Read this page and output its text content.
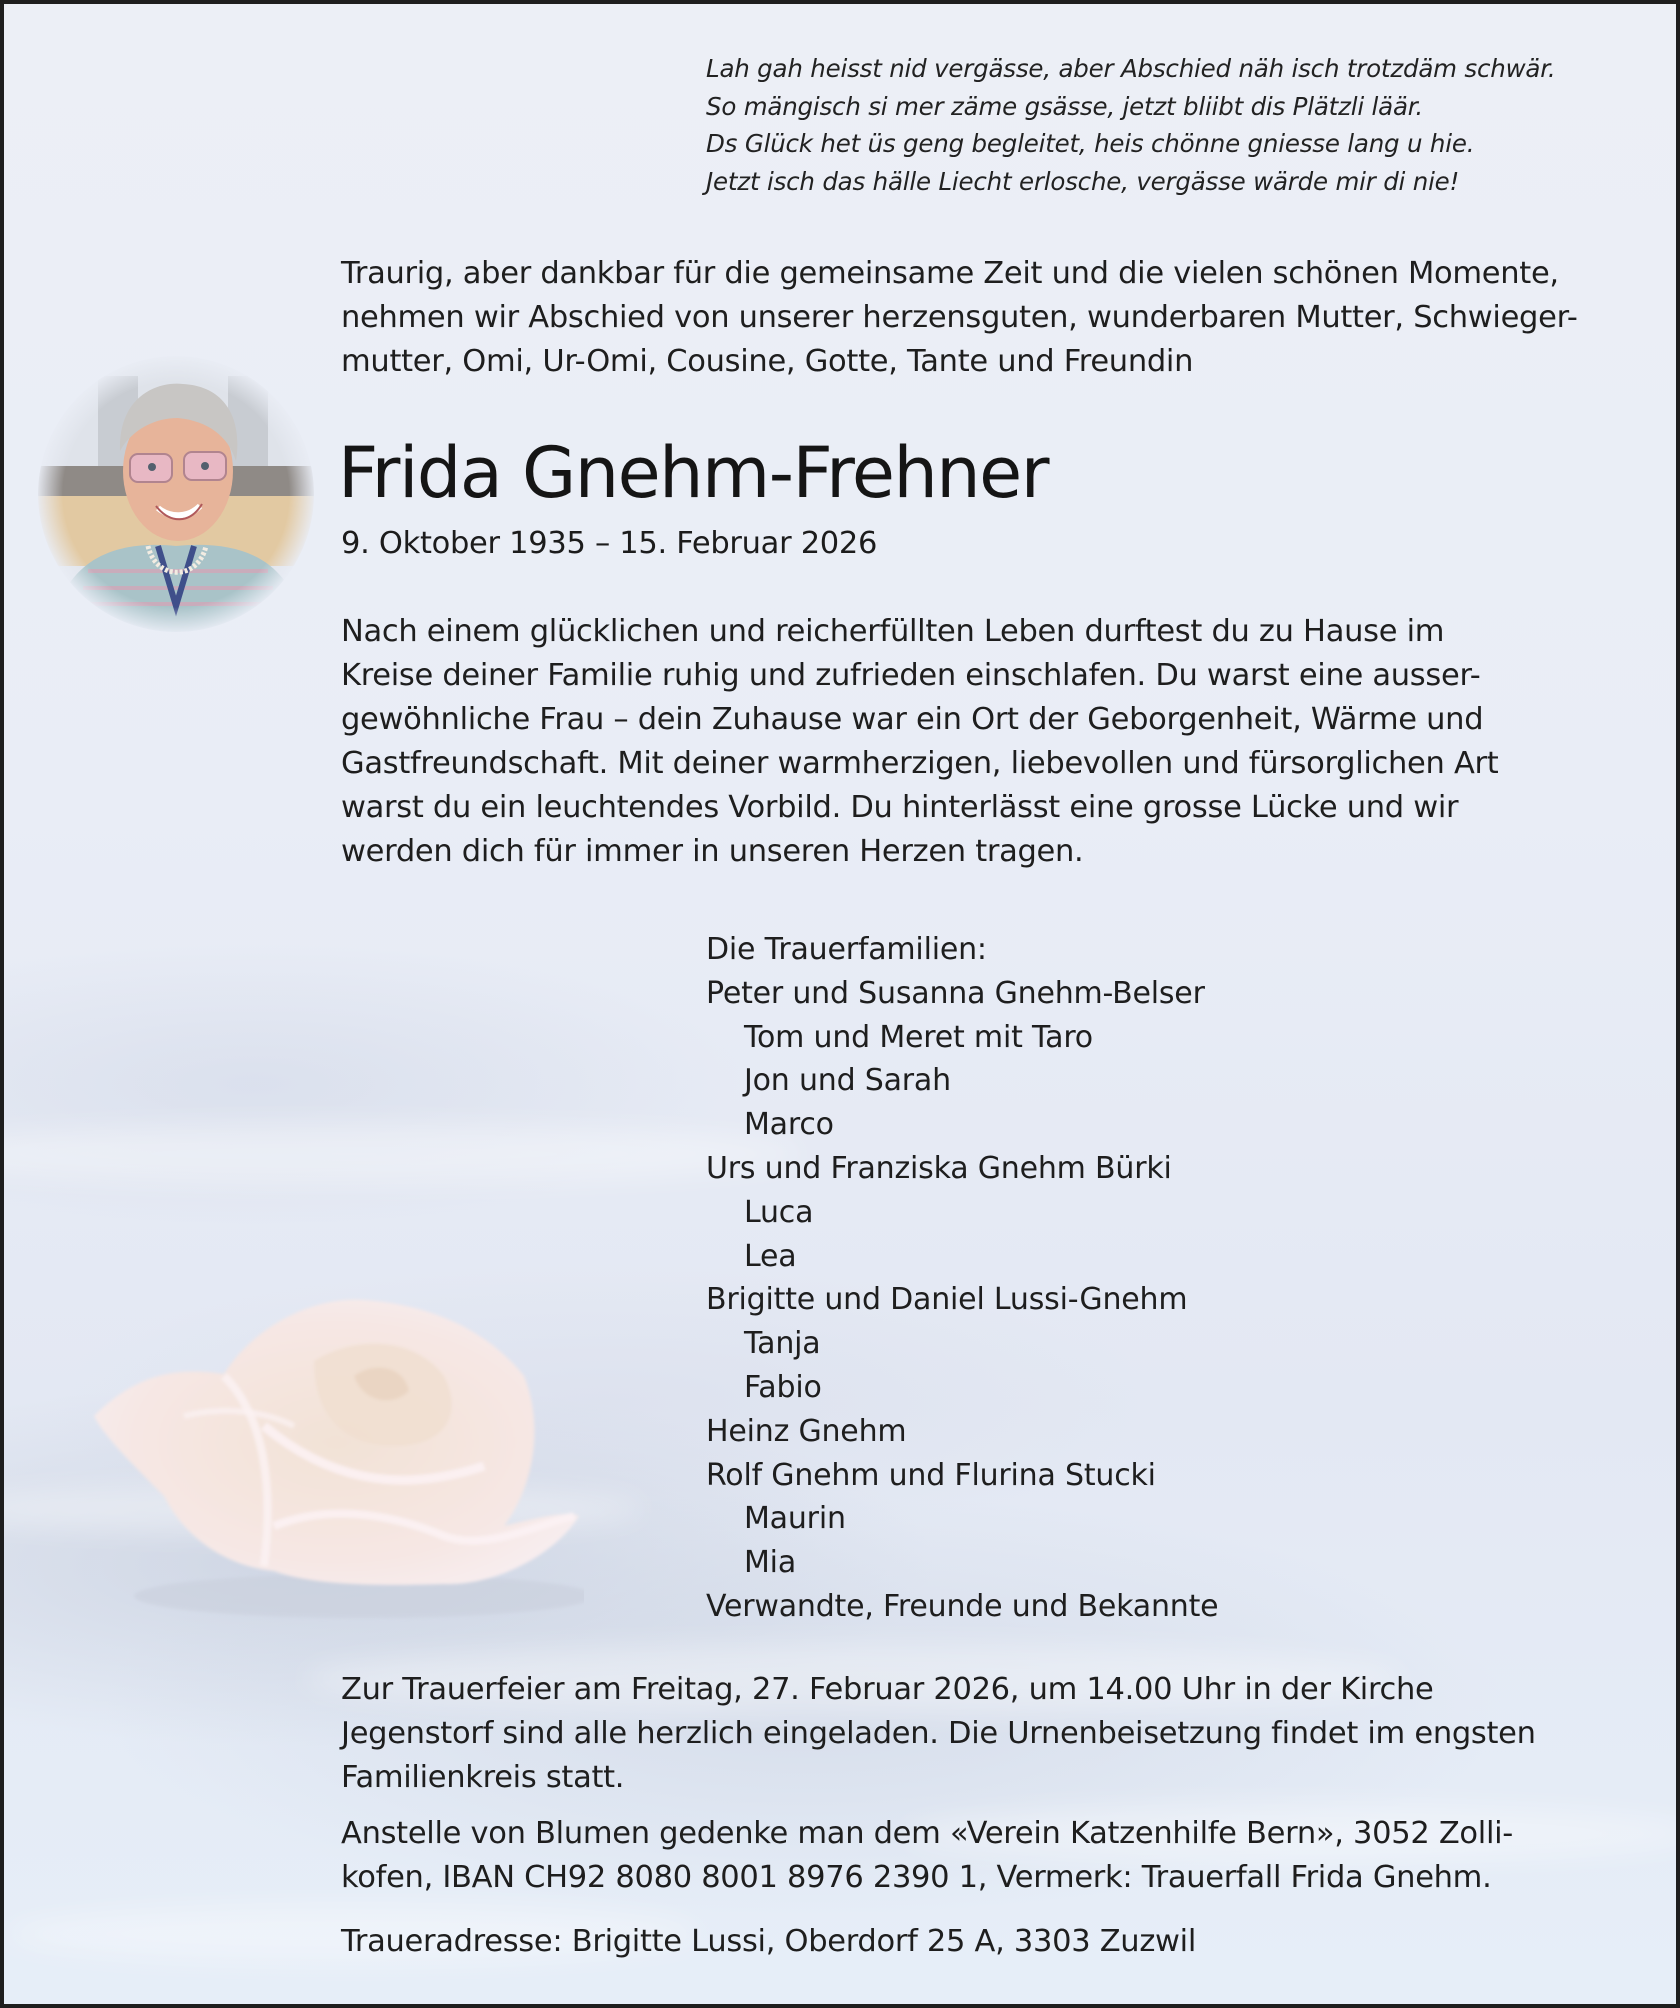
Lah gah heisst nid vergässe, aber Abschied näh isch trotzdäm schwär.
So mängisch si mer zäme gsässe, jetzt bliibt dis Plätzli läär.
Ds Glück het üs geng begleitet, heis chönne gniesse lang u hie.
Jetzt isch das hälle Liecht erlosche, vergässe wärde mir di nie!
Traurig, aber dankbar für die gemeinsame Zeit und die vielen schönen Momente,
nehmen wir Abschied von unserer herzensguten, wunderbaren Mutter, Schwieger-
mutter, Omi, Ur-Omi, Cousine, Gotte, Tante und Freundin
Frida Gnehm-Frehner
9. Oktober 1935 – 15. Februar 2026
Nach einem glücklichen und reicherfüllten Leben durftest du zu Hause im
Kreise deiner Familie ruhig und zufrieden einschlafen. Du warst eine ausser-
gewöhnliche Frau – dein Zuhause war ein Ort der Geborgenheit, Wärme und
Gastfreundschaft. Mit deiner warmherzigen, liebevollen und fürsorglichen Art
warst du ein leuchtendes Vorbild. Du hinterlässt eine grosse Lücke und wir
werden dich für immer in unseren Herzen tragen.
Die Trauerfamilien:
Peter und Susanna Gnehm-Belser
Tom und Meret mit Taro
Jon und Sarah
Marco
Urs und Franziska Gnehm Bürki
Luca
Lea
Brigitte und Daniel Lussi-Gnehm
Tanja
Fabio
Heinz Gnehm
Rolf Gnehm und Flurina Stucki
Maurin
Mia
Verwandte, Freunde und Bekannte
Zur Trauerfeier am Freitag, 27. Februar 2026, um 14.00 Uhr in der Kirche
Jegenstorf sind alle herzlich eingeladen. Die Urnenbeisetzung findet im engsten
Familienkreis statt.
Anstelle von Blumen gedenke man dem «Verein Katzenhilfe Bern», 3052 Zolli-
kofen, IBAN CH92 8080 8001 8976 2390 1, Vermerk: Trauerfall Frida Gnehm.
Traueradresse: Brigitte Lussi, Oberdorf 25 A, 3303 Zuzwil
